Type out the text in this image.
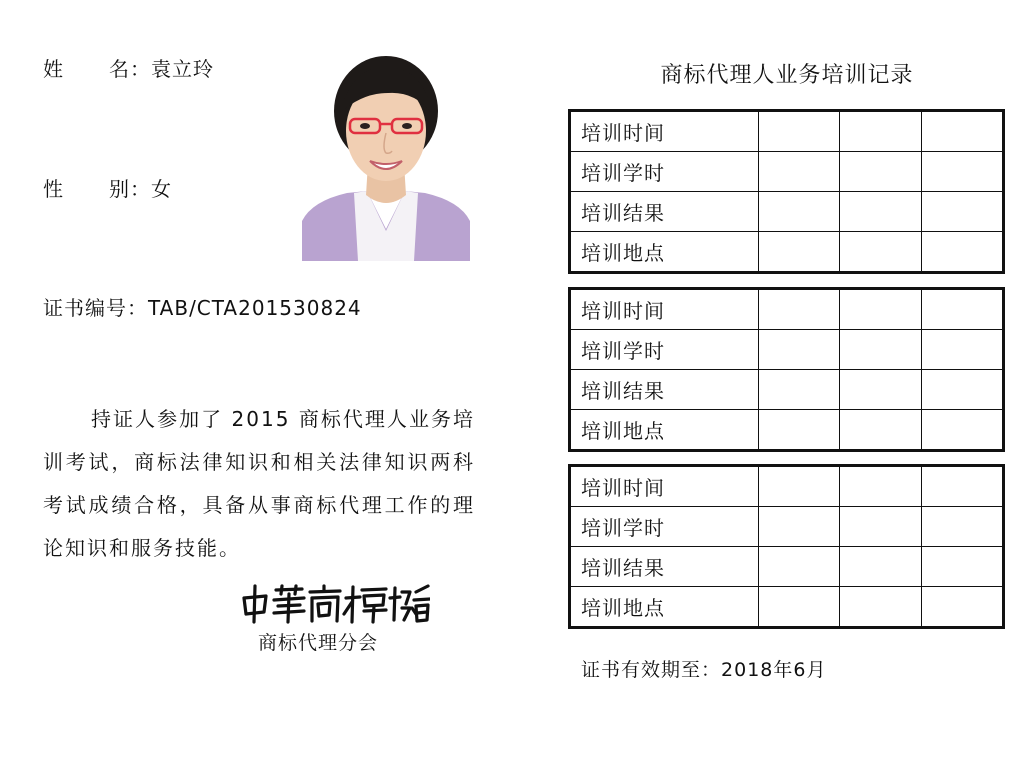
姓 名：袁立玲
性 别：女
证书编号：TAB/CTA201530824
持证人参加了 2015 商标代理人业务培训考试，商标法律知识和相关法律知识两科考试成绩合格，具备从事商标代理工作的理论知识和服务技能。
商标代理分会
商标代理人业务培训记录
培训时间			
培训学时			
培训结果			
培训地点			
培训时间			
培训学时			
培训结果			
培训地点			
培训时间			
培训学时			
培训结果			
培训地点			
证书有效期至：2018年6月
